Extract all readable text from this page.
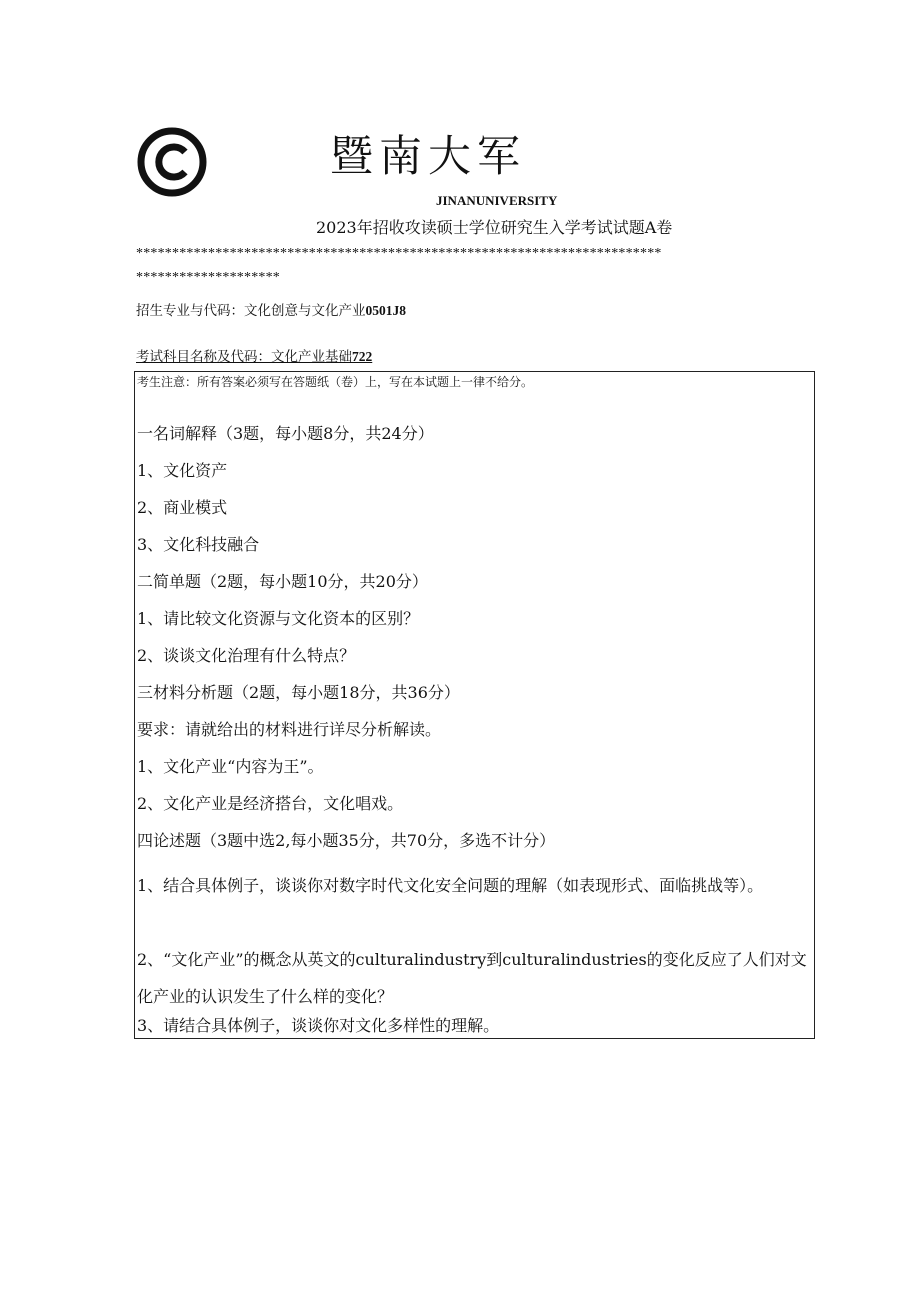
暨南大军
JINANUNIVERSITY
2023年招收攻读硕士学位研究生入学考试试题A卷
*************************************************************************
********************
招生专业与代码：文化创意与文化产业0501J8
考试科目名称及代码：文化产业基础722
考生注意：所有答案必须写在答题纸（卷）上，写在本试题上一律不给分。
一名词解释（3题，每小题8分，共24分）
1、文化资产
2、商业模式
3、文化科技融合
二简单题（2题，每小题10分，共20分）
1、请比较文化资源与文化资本的区别？
2、谈谈文化治理有什么特点？
三材料分析题（2题，每小题18分，共36分）
要求：请就给出的材料进行详尽分析解读。
1、文化产业“内容为王”。
2、文化产业是经济搭台，文化唱戏。
四论述题（3题中选2,每小题35分，共70分，多选不计分）
1、结合具体例子，谈谈你对数字时代文化安全问题的理解（如表现形式、面临挑战等）。
2、“文化产业”的概念从英文的culturalindustry到culturalindustries的变化反应了人们对文化产业的认识发生了什么样的变化？
3、请结合具体例子，谈谈你对文化多样性的理解。
